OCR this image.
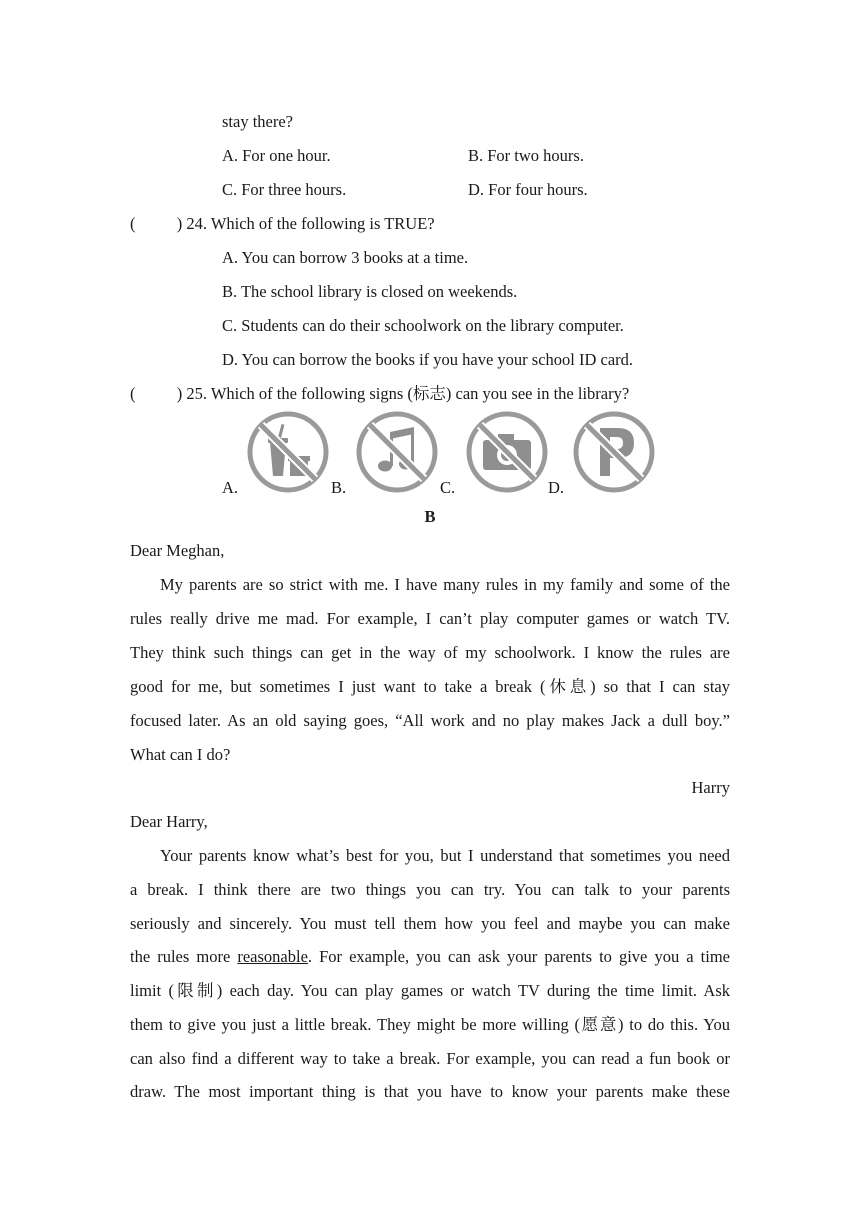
stay there?
A. For one hour.	B. For two hours.
C. For three hours.	D. For four hours.
(          ) 24. Which of the following is TRUE?
A. You can borrow 3 books at a time.
B. The school library is closed on weekends.
C. Students can do their schoolwork on the library computer.
D. You can borrow the books if you have your school ID card.
(          ) 25. Which of the following signs (标志) can you see in the library?
A.	B.	C.	D.
B
Dear Meghan,
My parents are so strict with me. I have many rules in my family and some of the
rules really drive me mad. For example, I can’t play computer games or watch TV.
They think such things can get in the way of my schoolwork. I know the rules are
good for me, but sometimes I just want to take a break (休息) so that I can stay
focused later. As an old saying goes, “All work and no play makes Jack a dull boy.”
What can I do?
Harry
Dear Harry,
Your parents know what’s best for you, but I understand that sometimes you need
a break. I think there are two things you can try. You can talk to your parents
seriously and sincerely. You must tell them how you feel and maybe you can make
the rules more reasonable. For example, you can ask your parents to give you a time
limit (限制) each day. You can play games or watch TV during the time limit. Ask
them to give you just a little break. They might be more willing (愿意) to do this. You
can also find a different way to take a break. For example, you can read a fun book or
draw. The most important thing is that you have to know your parents make these
